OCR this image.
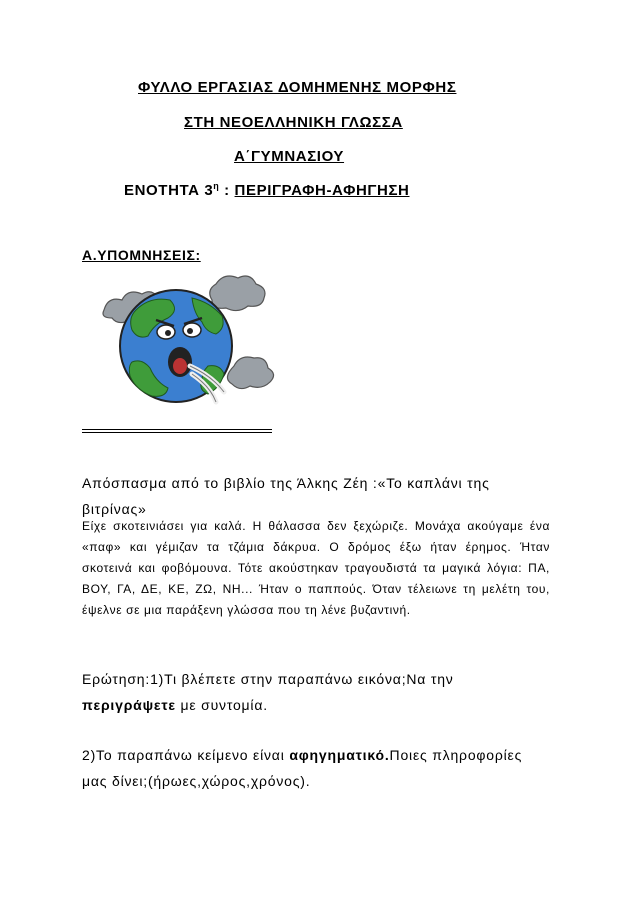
ΦΥΛΛΟ ΕΡΓΑΣΙΑΣ ΔΟΜΗΜΕΝΗΣ ΜΟΡΦΗΣ
ΣΤΗ ΝΕΟΕΛΛΗΝΙΚΗ ΓΛΩΣΣΑ
Α΄ΓΥΜΝΑΣΙΟΥ
ΕΝΟΤΗΤΑ $3^\eta$ : ΠΕΡΙΓΡΑΦΗ-ΑΦΗΓΗΣΗ
Α.ΥΠΟΜΝΗΣΕΙΣ:
Απόσπασμα από το βιβλίο της Άλκης Ζέη :«Το καπλάνι της βιτρίνας»
Είχε σκοτεινιάσει για καλά. Η θάλασσα δεν ξεχώριζε. Μονάχα ακούγαμε ένα «παφ» και γέμιζαν τα τζάμια δάκρυα. Ο δρόμος έξω ήταν έρημος. Ήταν σκοτεινά και φοβόμουνα. Τότε ακούστηκαν τραγουδιστά τα μαγικά λόγια: ΠΑ, ΒΟΥ, ΓΑ, ΔΕ, ΚΕ, ΖΩ, ΝΗ... Ήταν ο παππούς. Όταν τέλειωνε τη μελέτη του, έψελνε σε μια παράξενη γλώσσα που τη λένε βυζαντινή.
Ερώτηση:1)Τι βλέπετε στην παραπάνω εικόνα;Να την περιγράψετε με συντομία.
2)Το παραπάνω κείμενο είναι αφηγηματικό.Ποιες πληροφορίες μας δίνει;(ήρωες,χώρος,χρόνος).
